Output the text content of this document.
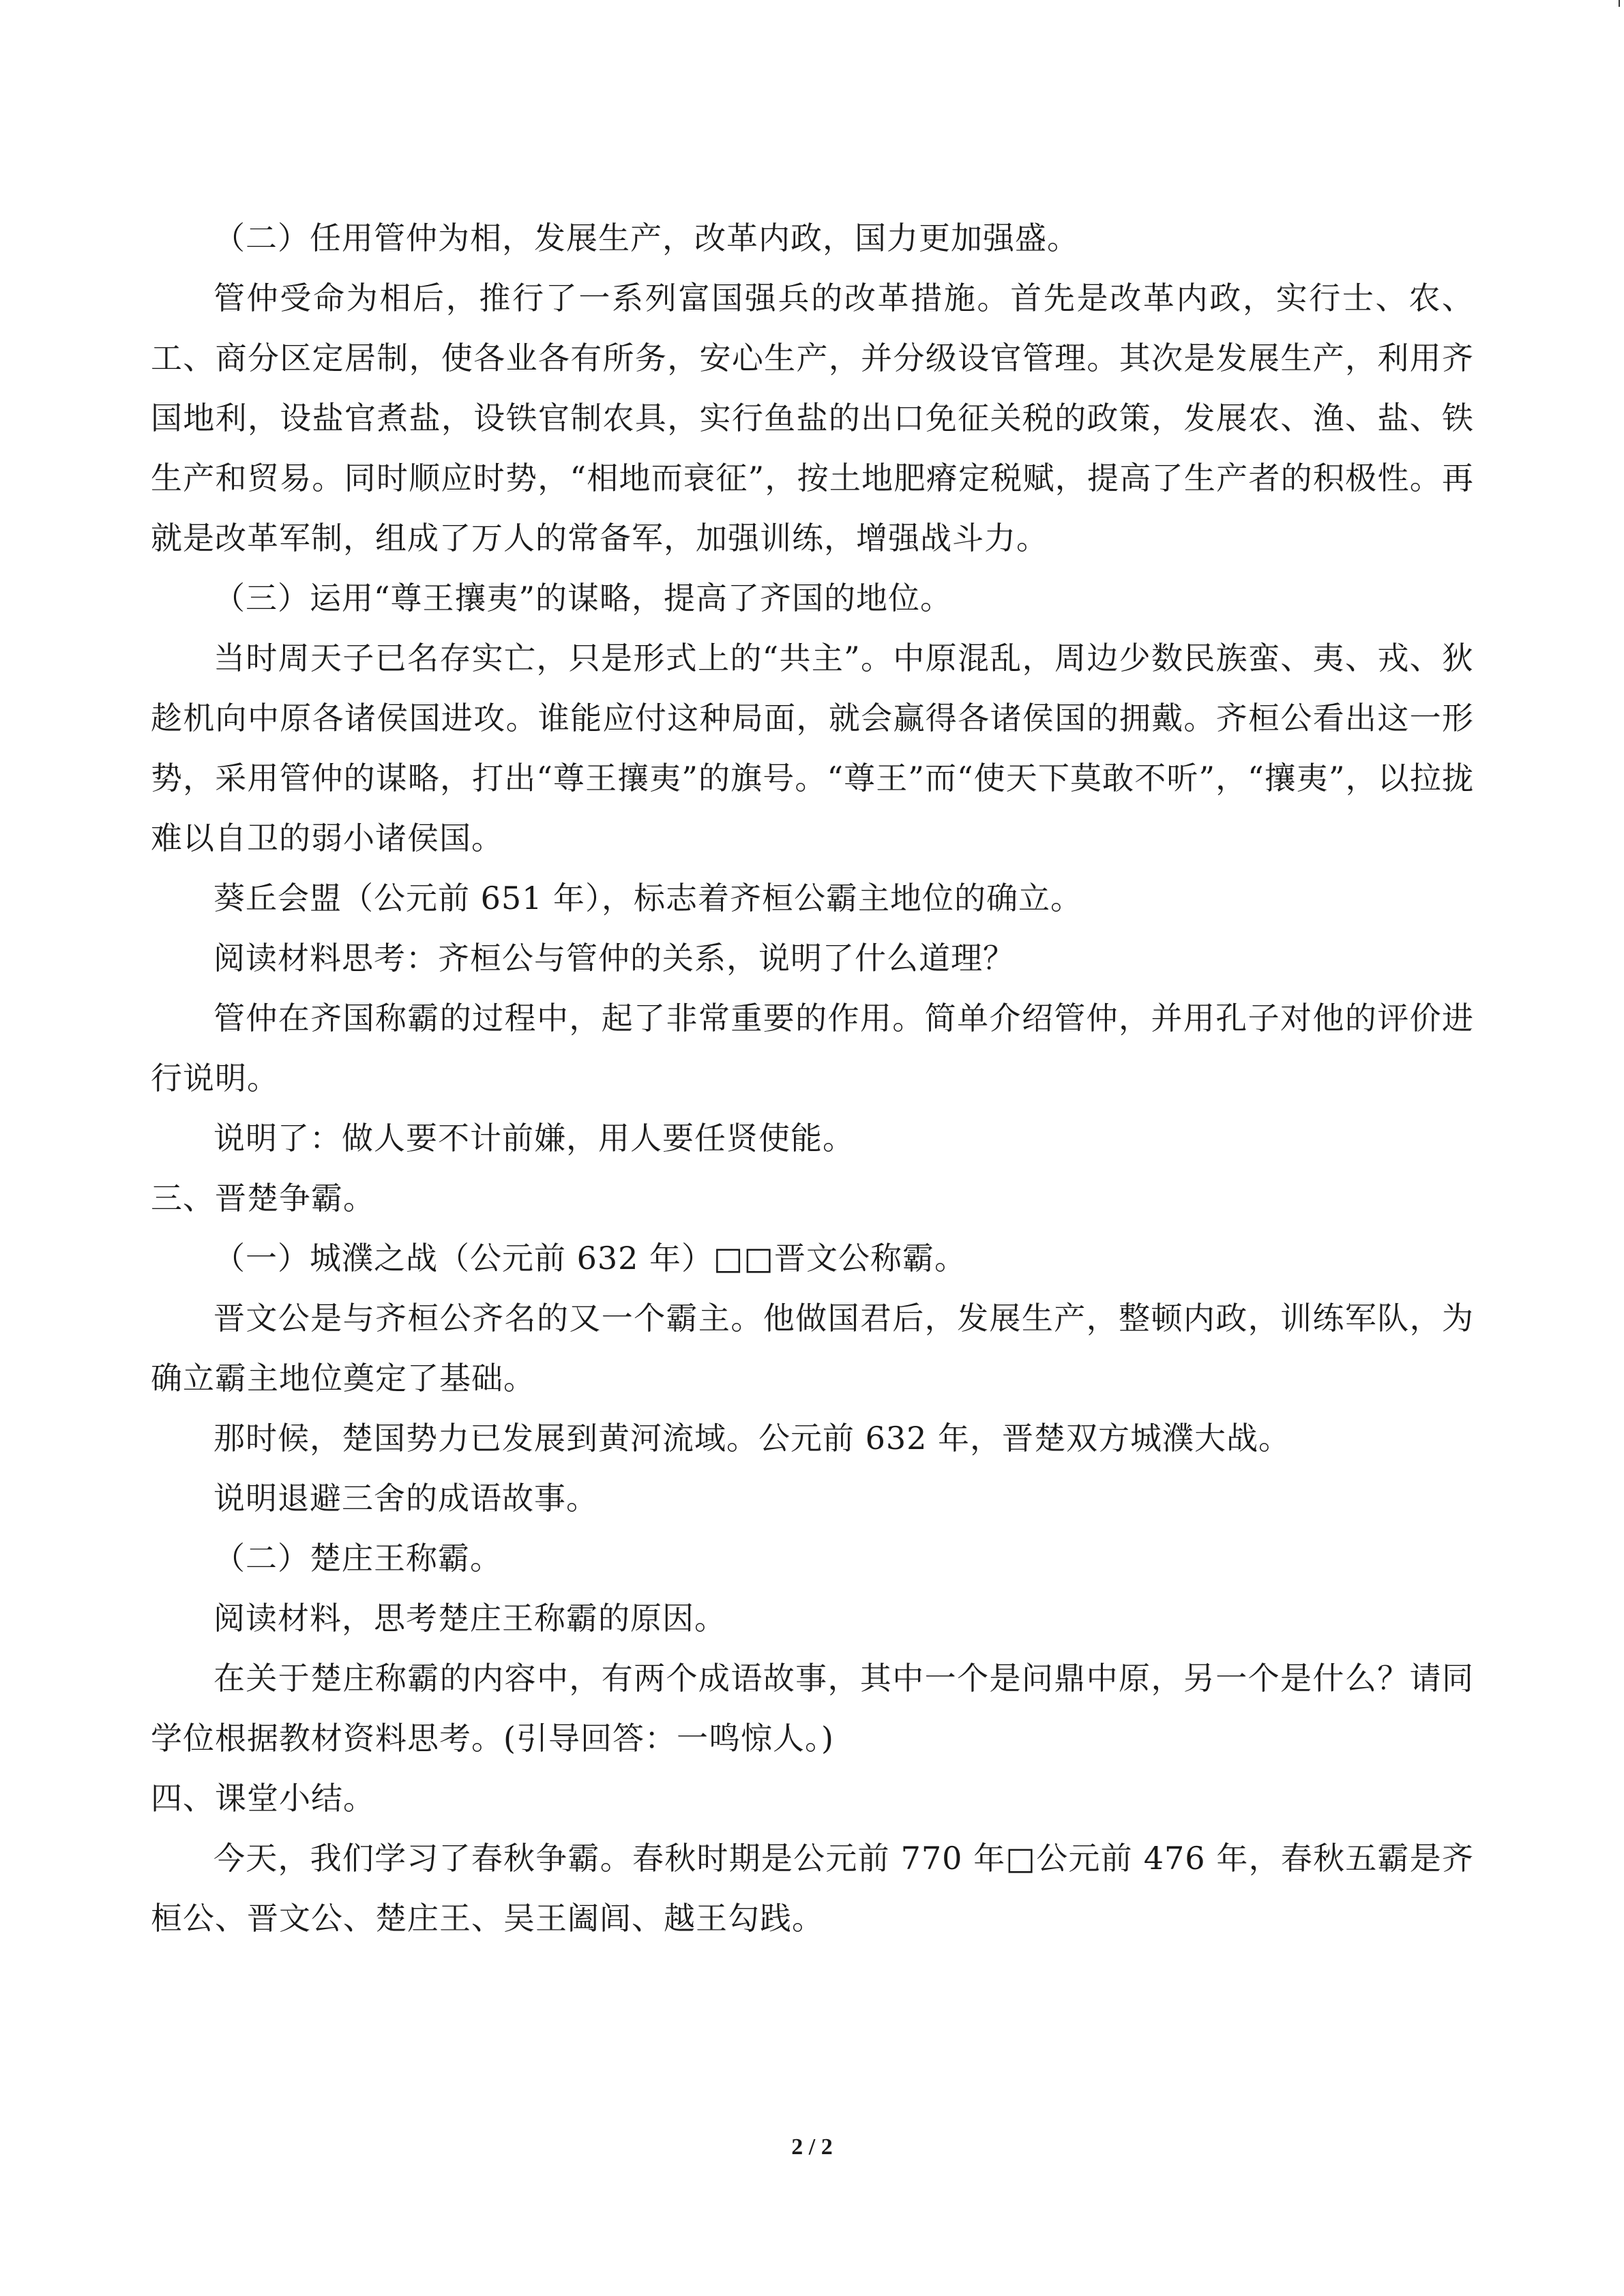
（二）任用管仲为相，发展生产，改革内政，国力更加强盛。

管仲受命为相后，推行了一系列富国强兵的改革措施。首先是改革内政，实行士、农、工、商分区定居制，使各业各有所务，安心生产，并分级设官管理。其次是发展生产，利用齐国地利，设盐官煮盐，设铁官制农具，实行鱼盐的出口免征关税的政策，发展农、渔、盐、铁生产和贸易。同时顺应时势，“相地而衰征”，按土地肥瘠定税赋，提高了生产者的积极性。再就是改革军制，组成了万人的常备军，加强训练，增强战斗力。

（三）运用“尊王攘夷”的谋略，提高了齐国的地位。

当时周天子已名存实亡，只是形式上的“共主”。中原混乱，周边少数民族蛮、夷、戎、狄趁机向中原各诸侯国进攻。谁能应付这种局面，就会赢得各诸侯国的拥戴。齐桓公看出这一形势，采用管仲的谋略，打出“尊王攘夷”的旗号。“尊王”而“使天下莫敢不听”，“攘夷”，以拉拢难以自卫的弱小诸侯国。

葵丘会盟（公元前 651 年），标志着齐桓公霸主地位的确立。

阅读材料思考：齐桓公与管仲的关系，说明了什么道理？

管仲在齐国称霸的过程中，起了非常重要的作用。简单介绍管仲，并用孔子对他的评价进行说明。

说明了：做人要不计前嫌，用人要任贤使能。

三、晋楚争霸。

（一）城濮之战（公元前 632 年）□□晋文公称霸。

晋文公是与齐桓公齐名的又一个霸主。他做国君后，发展生产，整顿内政，训练军队，为确立霸主地位奠定了基础。

那时候，楚国势力已发展到黄河流域。公元前 632 年，晋楚双方城濮大战。

说明退避三舍的成语故事。

（二）楚庄王称霸。

阅读材料，思考楚庄王称霸的原因。

在关于楚庄称霸的内容中，有两个成语故事，其中一个是问鼎中原，另一个是什么？请同学位根据教材资料思考。(引导回答：一鸣惊人。)

四、课堂小结。

今天，我们学习了春秋争霸。春秋时期是公元前 770 年□公元前 476 年，春秋五霸是齐桓公、晋文公、楚庄王、吴王阖闾、越王勾践。

2 / 2
